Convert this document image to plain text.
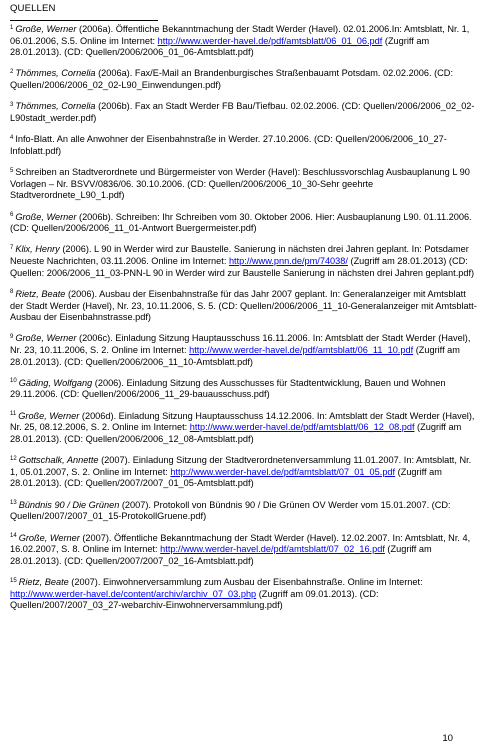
QUELLEN

$^1$ Große, Werner (2006a). Öffentliche Bekanntmachung der Stadt Werder (Havel). 02.01.2006.In: Amtsblatt, Nr. 1, 06.01.2006, S.5. Online im Internet: http://www.werder-havel.de/pdf/amtsblatt/06_01_06.pdf (Zugriff am 28.01.2013). (CD: Quellen/2006/2006_01_06-Amtsblatt.pdf)

$^2$ Thömmes, Cornelia (2006a). Fax/E-Mail an Brandenburgisches Straßenbauamt Potsdam. 02.02.2006. (CD: Quellen/2006/2006_02_02-L90_Einwendungen.pdf)

$^3$ Thömmes, Cornelia (2006b). Fax an Stadt Werder FB Bau/Tiefbau. 02.02.2006. (CD: Quellen/2006/2006_02_02-L90stadt_werder.pdf)

$^4$ Info-Blatt. An alle Anwohner der Eisenbahnstraße in Werder. 27.10.2006. (CD: Quellen/2006/2006_10_27-Infoblatt.pdf)

$^5$ Schreiben an Stadtverordnete und Bürgermeister von Werder (Havel): Beschlussvorschlag Ausbauplanung L 90 Vorlagen – Nr. BSVV/0836/06. 30.10.2006. (CD: Quellen/2006/2006_10_30-Sehr geehrte Stadtverordnete_L90_1.pdf)

$^6$ Große, Werner (2006b). Schreiben: Ihr Schreiben vom 30. Oktober 2006. Hier: Ausbauplanung L90. 01.11.2006. (CD: Quellen/2006/2006_11_01-Antwort Buergermeister.pdf)

$^7$ Klix, Henry (2006). L 90 in Werder wird zur Baustelle. Sanierung in nächsten drei Jahren geplant. In: Potsdamer Neueste Nachrichten, 03.11.2006. Online im Internet: http://www.pnn.de/pm/74038/ (Zugriff am 28.01.2013) (CD: Quellen: 2006/2006_11_03-PNN-L 90 in Werder wird zur Baustelle Sanierung in nächsten drei Jahren geplant.pdf)

$^8$ Rietz, Beate (2006). Ausbau der Eisenbahnstraße für das Jahr 2007 geplant. In: Generalanzeiger mit Amtsblatt der Stadt Werder (Havel), Nr. 23, 10.11.2006, S. 5. (CD: Quellen/2006/2006_11_10-Generalanzeiger mit Amtsblatt-Ausbau der Eisenbahnstrasse.pdf)

$^9$ Große, Werner (2006c). Einladung Sitzung Hauptausschuss 16.11.2006. In: Amtsblatt der Stadt Werder (Havel), Nr. 23, 10.11.2006, S. 2. Online im Internet: http://www.werder-havel.de/pdf/amtsblatt/06_11_10.pdf (Zugriff am 28.01.2013). (CD: Quellen/2006/2006_11_10-Amtsblatt.pdf)

$^{10}$ Gäding, Wolfgang (2006). Einladung Sitzung des Ausschusses für Stadtentwicklung, Bauen und Wohnen 29.11.2006. (CD: Quellen/2006/2006_11_29-bauausschuss.pdf)

$^{11}$ Große, Werner (2006d). Einladung Sitzung Hauptausschuss 14.12.2006. In: Amtsblatt der Stadt Werder (Havel), Nr. 25, 08.12.2006, S. 2. Online im Internet: http://www.werder-havel.de/pdf/amtsblatt/06_12_08.pdf (Zugriff am 28.01.2013). (CD: Quellen/2006/2006_12_08-Amtsblatt.pdf)

$^{12}$ Gottschalk, Annette (2007). Einladung Sitzung der Stadtverordnetenversammlung 11.01.2007. In: Amtsblatt, Nr. 1, 05.01.2007, S. 2. Online im Internet: http://www.werder-havel.de/pdf/amtsblatt/07_01_05.pdf (Zugriff am 28.01.2013). (CD: Quellen/2007/2007_01_05-Amtsblatt.pdf)

$^{13}$ Bündnis 90 / Die Grünen (2007). Protokoll von Bündnis 90 / Die Grünen OV Werder vom 15.01.2007. (CD: Quellen/2007/2007_01_15-ProtokollGruene.pdf)

$^{14}$ Große, Werner (2007). Öffentliche Bekanntmachung der Stadt Werder (Havel). 12.02.2007. In: Amtsblatt, Nr. 4, 16.02.2007, S. 8. Online im Internet: http://www.werder-havel.de/pdf/amtsblatt/07_02_16.pdf (Zugriff am 28.01.2013). (CD: Quellen/2007/2007_02_16-Amtsblatt.pdf)

$^{15}$ Rietz, Beate (2007). Einwohnerversammlung zum Ausbau der Eisenbahnstraße. Online im Internet: http://www.werder-havel.de/content/archiv/archiv_07_03.php (Zugriff am 09.01.2013). (CD: Quellen/2007/2007_03_27-webarchiv-Einwohnerversammlung.pdf)

10
